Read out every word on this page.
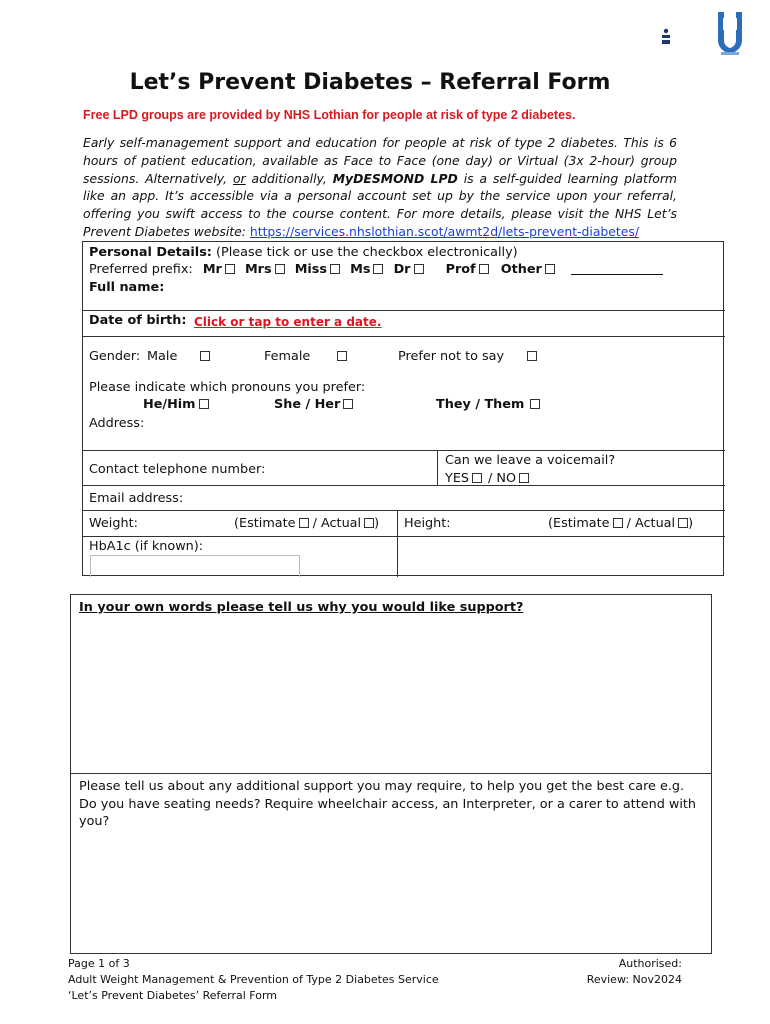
Let’s Prevent Diabetes – Referral Form
Free LPD groups are provided by NHS Lothian for people at risk of type 2 diabetes.
Early self-management support and education for people at risk of type 2 diabetes. This is 6 hours of patient education, available as Face to Face (one day) or Virtual (3x 2-hour) group sessions. Alternatively, or additionally, MyDESMOND LPD is a self-guided learning platform like an app. It’s accessible via a personal account set up by the service upon your referral, offering you swift access to the course content. For more details, please visit the NHS Let’s Prevent Diabetes website: https://services.nhslothian.scot/awmt2d/lets-prevent-diabetes/
Personal Details: (Please tick or use the checkbox electronically)
Preferred prefix: Mr Mrs Miss Ms Dr	Prof Other
Full name:
Date of birth: Click or tap to enter a date.
Gender: Male	Female	Prefer not to say
Please indicate which pronouns you prefer:
He/Him	She / Her	They / Them
Address:
Contact telephone number:
Can we leave a voicemail?
YES / NO
Email address:
Weight:	(Estimate / Actual ) Height:	(Estimate / Actual )
HbA1c (if known):
In your own words please tell us why you would like support?
Please tell us about any additional support you may require, to help you get the best care e.g. Do you have seating needs? Require wheelchair access, an Interpreter, or a carer to attend with you?
Page 1 of 3
Adult Weight Management & Prevention of Type 2 Diabetes Service
‘Let’s Prevent Diabetes’ Referral Form
Authorised:
Review: Nov2024
